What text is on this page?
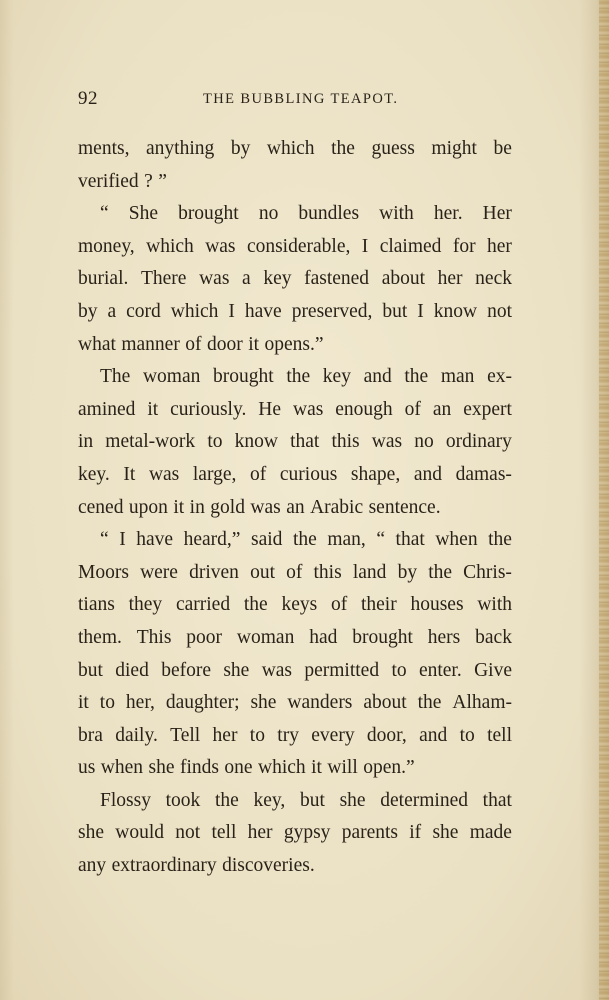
92	THE BUBBLING TEAPOT.
ments, anything by which the guess might be
verified ? ”
“ She brought no bundles with her. Her
money, which was considerable, I claimed for her
burial. There was a key fastened about her neck
by a cord which I have preserved, but I know not
what manner of door it opens.”
The woman brought the key and the man ex-
amined it curiously. He was enough of an expert
in metal-work to know that this was no ordinary
key. It was large, of curious shape, and damas-
cened upon it in gold was an Arabic sentence.
“ I have heard,” said the man, “ that when the
Moors were driven out of this land by the Chris-
tians they carried the keys of their houses with
them. This poor woman had brought hers back
but died before she was permitted to enter. Give
it to her, daughter; she wanders about the Alham-
bra daily. Tell her to try every door, and to tell
us when she finds one which it will open.”
Flossy took the key, but she determined that
she would not tell her gypsy parents if she made
any extraordinary discoveries.
